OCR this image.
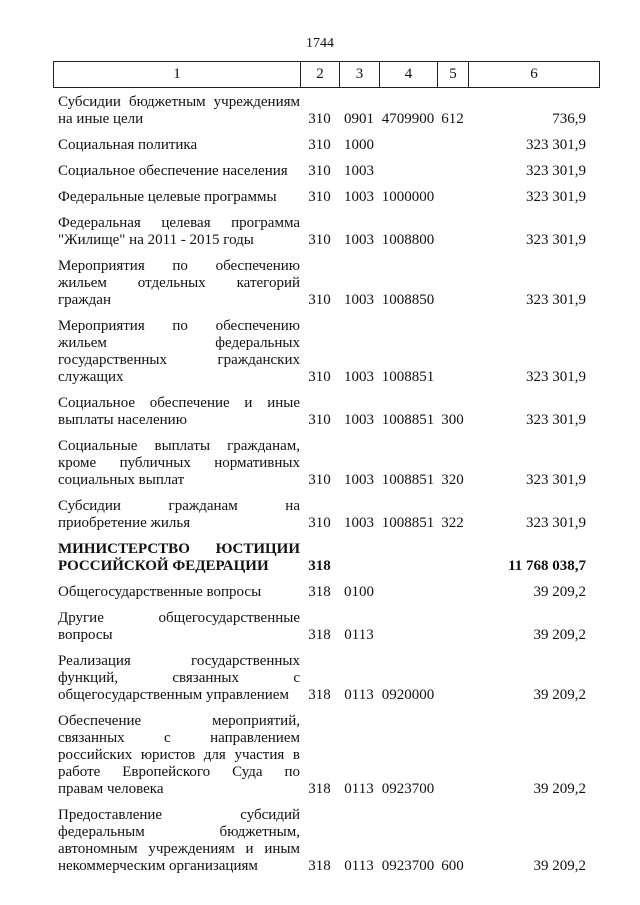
1744
1	2	3	4	5	6
Субсидии бюджетным учреждениям
на иные цели	310 0901 4709900 612	736,9
Социальная политика	310 1000	323 301,9
Социальное обеспечение населения	310 1003	323 301,9
Федеральные целевые программы	310 1003 1000000	323 301,9
Федеральная целевая программа
"Жилище" на 2011 - 2015 годы	310 1003 1008800	323 301,9
Мероприятия по обеспечению
жильем отдельных категорий
граждан	310 1003 1008850	323 301,9
Мероприятия по обеспечению
жильем федеральных
государственных гражданских
служащих	310 1003 1008851	323 301,9
Социальное обеспечение и иные
выплаты населению	310 1003 1008851 300	323 301,9
Социальные выплаты гражданам,
кроме публичных нормативных
социальных выплат	310 1003 1008851 320	323 301,9
Субсидии гражданам на
приобретение жилья	310 1003 1008851 322	323 301,9
МИНИСТЕРСТВО ЮСТИЦИИ
РОССИЙСКОЙ ФЕДЕРАЦИИ	318	11 768 038,7
Общегосударственные вопросы	318 0100	39 209,2
Другие общегосударственные
вопросы	318 0113	39 209,2
Реализация государственных
функций, связанных с
общегосударственным управлением	318 0113 0920000	39 209,2
Обеспечение мероприятий,
связанных с направлением
российских юристов для участия в
работе Европейского Суда по
правам человека	318 0113 0923700	39 209,2
Предоставление субсидий
федеральным бюджетным,
автономным учреждениям и иным
некоммерческим организациям	318 0113 0923700 600	39 209,2
